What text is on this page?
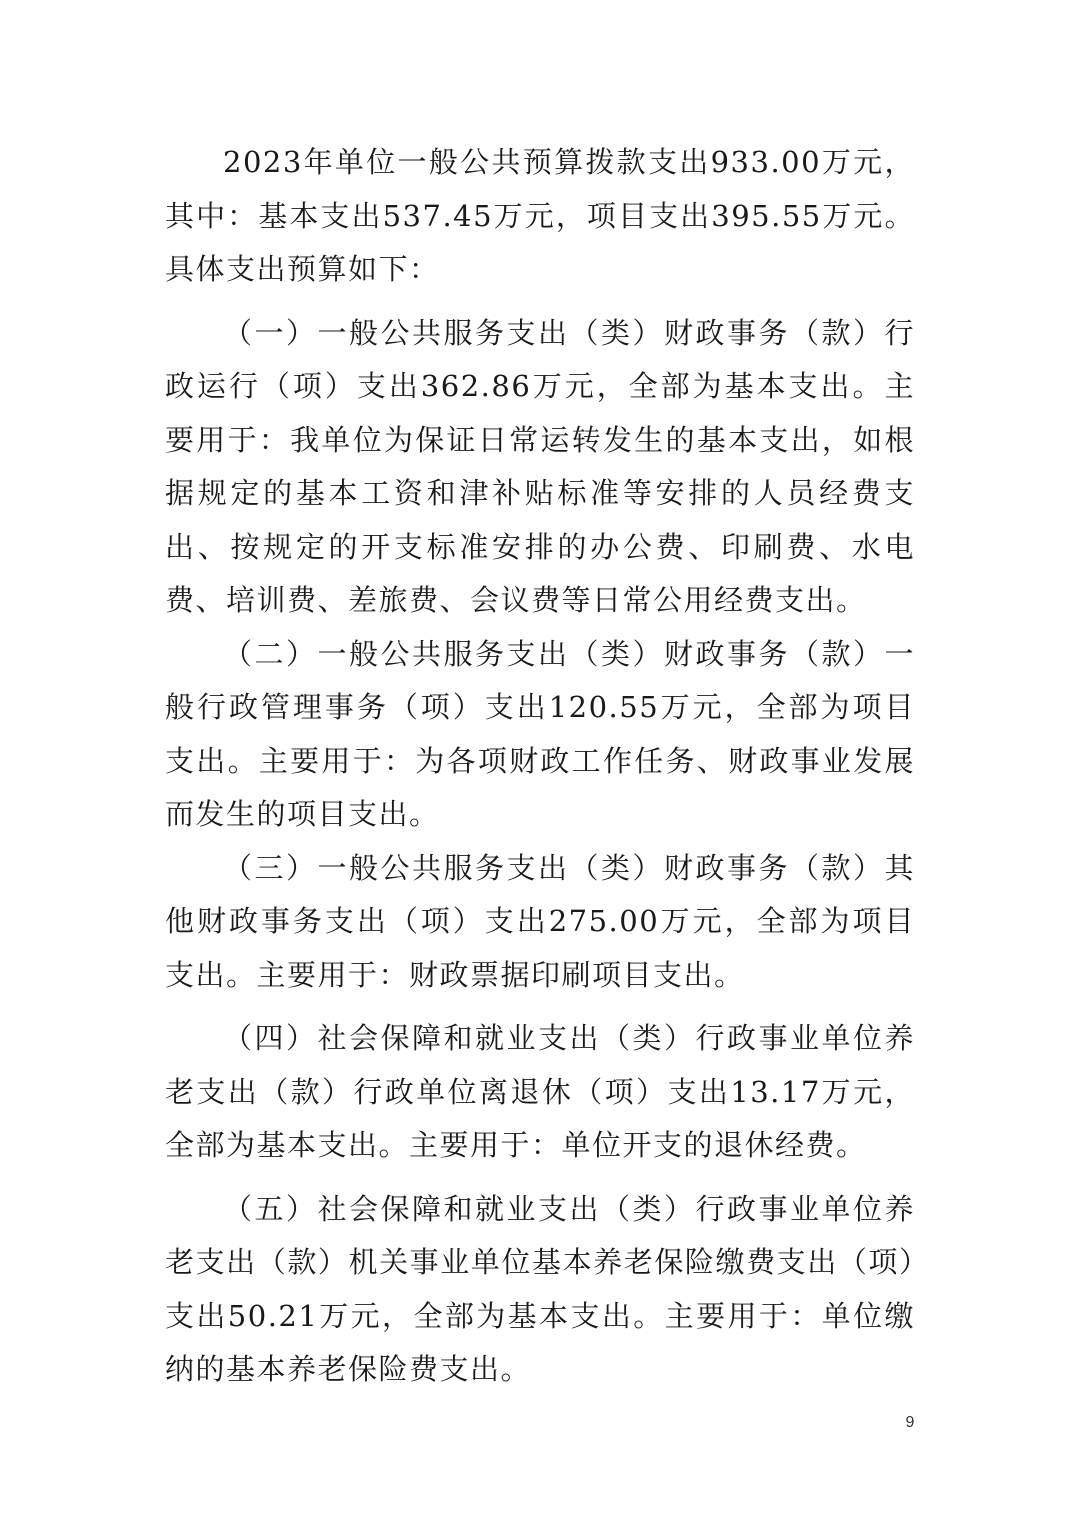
2023年单位一般公共预算拨款支出933.00万元，其中：基本支出537.45万元，项目支出395.55万元。具体支出预算如下：

（一）一般公共服务支出（类）财政事务（款）行政运行（项）支出362.86万元，全部为基本支出。主要用于：我单位为保证日常运转发生的基本支出，如根据规定的基本工资和津补贴标准等安排的人员经费支出、按规定的开支标准安排的办公费、印刷费、水电费、培训费、差旅费、会议费等日常公用经费支出。

（二）一般公共服务支出（类）财政事务（款）一般行政管理事务（项）支出120.55万元，全部为项目支出。主要用于：为各项财政工作任务、财政事业发展而发生的项目支出。

（三）一般公共服务支出（类）财政事务（款）其他财政事务支出（项）支出275.00万元，全部为项目支出。主要用于：财政票据印刷项目支出。

（四）社会保障和就业支出（类）行政事业单位养老支出（款）行政单位离退休（项）支出13.17万元，全部为基本支出。主要用于：单位开支的退休经费。

（五）社会保障和就业支出（类）行政事业单位养老支出（款）机关事业单位基本养老保险缴费支出（项）支出50.21万元，全部为基本支出。主要用于：单位缴纳的基本养老保险费支出。

9
